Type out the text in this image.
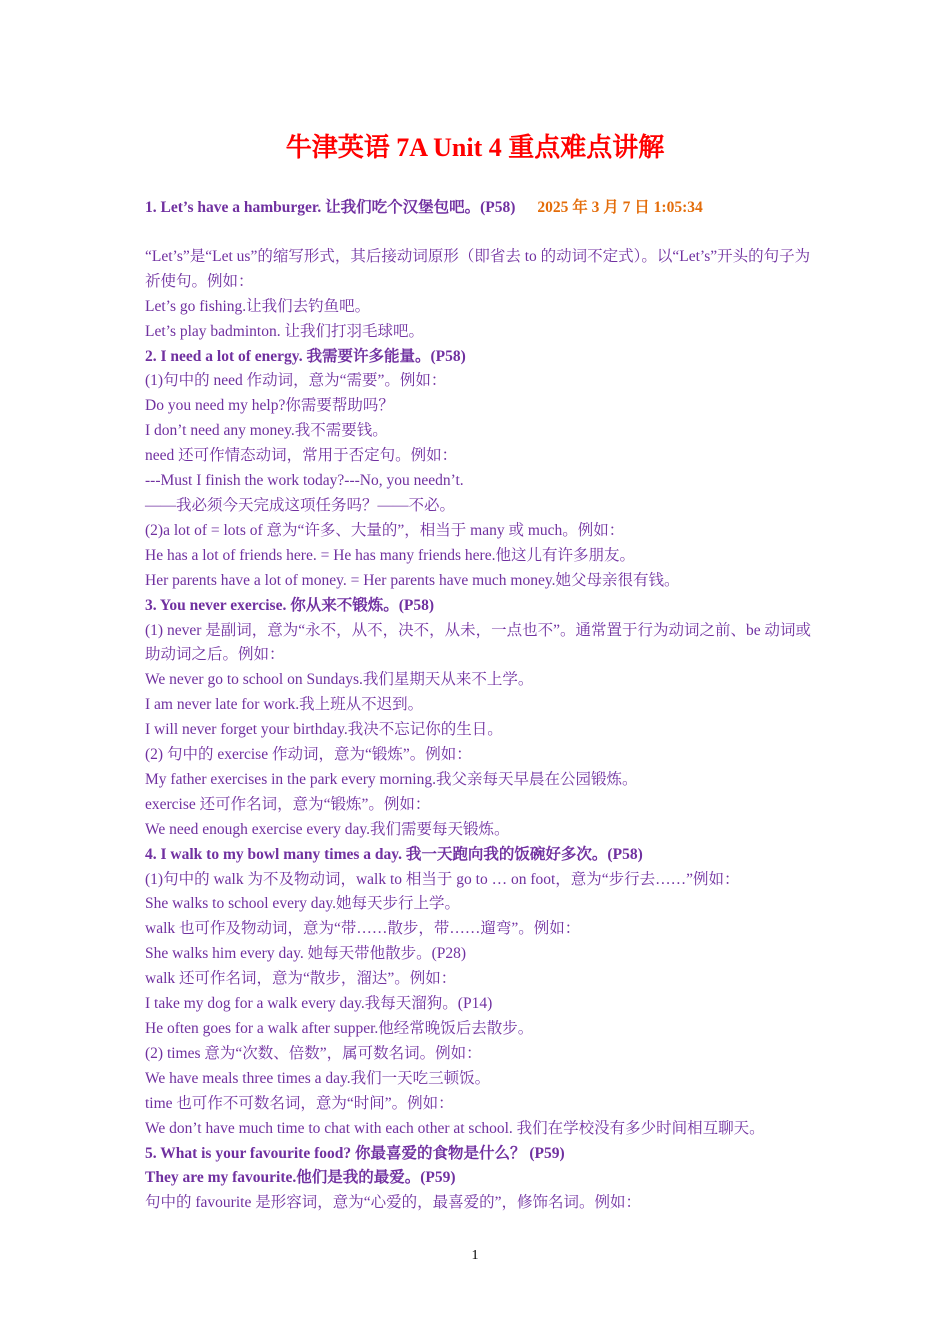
牛津英语 7A Unit 4 重点难点讲解
1. Let’s have a hamburger. 让我们吃个汉堡包吧。(P58) 2025 年 3 月 7 日 1:05:34
“Let’s”是“Let us”的缩写形式，其后接动词原形（即省去 to 的动词不定式）。以“Let’s”开头的句子为祈使句。例如：
Let’s go fishing.让我们去钓鱼吧。
Let’s play badminton. 让我们打羽毛球吧。
2. I need a lot of energy. 我需要许多能量。(P58)
(1)句中的 need 作动词，意为“需要”。例如：
Do you need my help?你需要帮助吗？
I don’t need any money.我不需要钱。
need 还可作情态动词，常用于否定句。例如：
---Must I finish the work today?---No, you needn’t.
——我必须今天完成这项任务吗？——不必。
(2)a lot of = lots of 意为“许多、大量的”，相当于 many 或 much。例如：
He has a lot of friends here. = He has many friends here.他这儿有许多朋友。
Her parents have a lot of money. = Her parents have much money.她父母亲很有钱。
3. You never exercise. 你从来不锻炼。(P58)
(1) never 是副词，意为“永不，从不，决不，从未，一点也不”。通常置于行为动词之前、be 动词或助动词之后。例如：
We never go to school on Sundays.我们星期天从来不上学。
I am never late for work.我上班从不迟到。
I will never forget your birthday.我决不忘记你的生日。
(2) 句中的 exercise 作动词，意为“锻炼”。例如：
My father exercises in the park every morning.我父亲每天早晨在公园锻炼。
exercise 还可作名词，意为“锻炼”。例如：
We need enough exercise every day.我们需要每天锻炼。
4. I walk to my bowl many times a day. 我一天跑向我的饭碗好多次。(P58)
(1)句中的 walk 为不及物动词，walk to 相当于 go to … on foot，意为“步行去……”例如：
She walks to school every day.她每天步行上学。
walk 也可作及物动词，意为“带……散步，带……遛弯”。例如：
She walks him every day. 她每天带他散步。(P28)
walk 还可作名词，意为“散步，溜达”。例如：
I take my dog for a walk every day.我每天溜狗。(P14)
He often goes for a walk after supper.他经常晚饭后去散步。
(2) times 意为“次数、倍数”，属可数名词。例如：
We have meals three times a day.我们一天吃三顿饭。
time 也可作不可数名词，意为“时间”。例如：
We don’t have much time to chat with each other at school. 我们在学校没有多少时间相互聊天。
5. What is your favourite food? 你最喜爱的食物是什么？ (P59)
They are my favourite.他们是我的最爱。(P59)
句中的 favourite 是形容词，意为“心爱的，最喜爱的”，修饰名词。例如：
1
